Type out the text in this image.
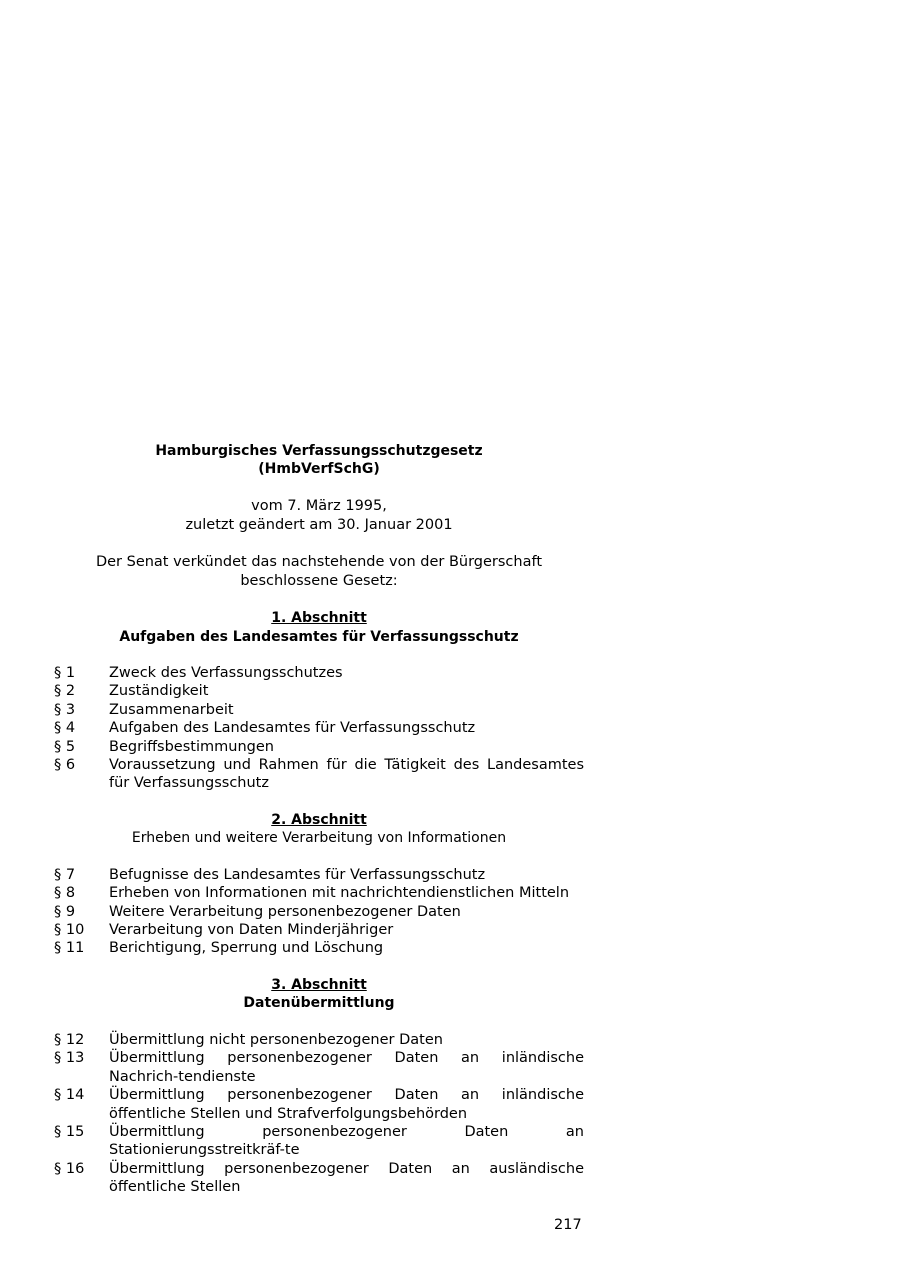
Hamburgisches Verfassungsschutzgesetz
(HmbVerfSchG)
vom 7. März 1995,
zuletzt geändert am 30. Januar 2001
Der Senat verkündet das nachstehende von der Bürgerschaft
beschlossene Gesetz:
1. Abschnitt
Aufgaben des Landesamtes für Verfassungsschutz
§ 1	Zweck des Verfassungsschutzes
§ 2	Zuständigkeit
§ 3	Zusammenarbeit
§ 4	Aufgaben des Landesamtes für Verfassungsschutz
§ 5	Begriffsbestimmungen
§ 6	Voraussetzung und Rahmen für die Tätigkeit des Landesamtes für Verfassungsschutz
2. Abschnitt
Erheben und weitere Verarbeitung von Informationen
§ 7	Befugnisse des Landesamtes für Verfassungsschutz
§ 8	Erheben von Informationen mit nachrichtendienstlichen Mitteln
§ 9	Weitere Verarbeitung personenbezogener Daten
§ 10	Verarbeitung von Daten Minderjähriger
§ 11	Berichtigung, Sperrung und Löschung
3. Abschnitt
Datenübermittlung
§ 12	Übermittlung nicht personenbezogener Daten
§ 13	Übermittlung personenbezogener Daten an inländische Nachrich-tendienste
§ 14	Übermittlung personenbezogener Daten an inländische öffentliche Stellen und Strafverfolgungsbehörden
§ 15	Übermittlung personenbezogener Daten an Stationierungsstreitkräf-te
§ 16	Übermittlung personenbezogener Daten an ausländische öffentliche Stellen
217
